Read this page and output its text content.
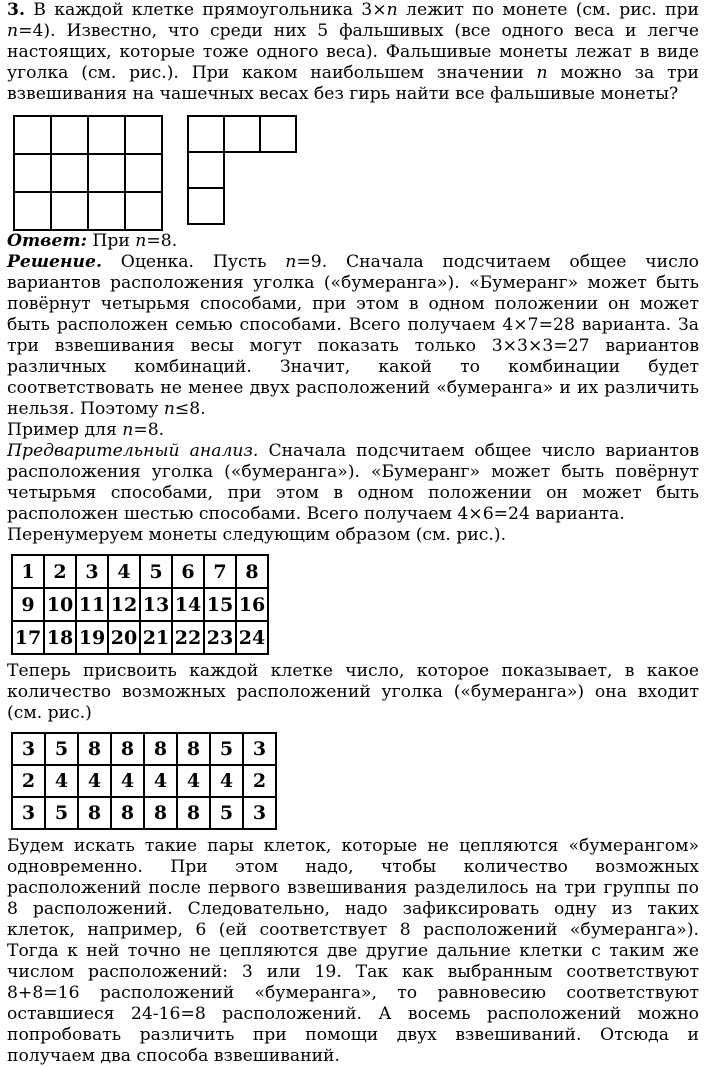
3. В каждой клетке прямоугольника 3×n лежит по монете (см. рис. при n=4). Известно, что среди них 5 фальшивых (все одного веса и легче настоящих, которые тоже одного веса). Фальшивые монеты лежат в виде уголка (см. рис.). При каком наибольшем значении n можно за три взвешивания на чашечных весах без гирь найти все фальшивые монеты?

Ответ: При n=8.

Решение. Оценка. Пусть n=9. Сначала подсчитаем общее число вариантов расположения уголка («бумеранга»). «Бумеранг» может быть повёрнут четырьмя способами, при этом в одном положении он может быть расположен семью способами. Всего получаем 4×7=28 варианта. За три взвешивания весы могут показать только 3×3×3=27 вариантов различных комбинаций. Значит, какой то комбинации будет соответствовать не менее двух расположений «бумеранга» и их различить нельзя. Поэтому n≤8.

Пример для n=8.

Предварительный анализ. Сначала подсчитаем общее число вариантов расположения уголка («бумеранга»). «Бумеранг» может быть повёрнут четырьмя способами, при этом в одном положении он может быть расположен шестью способами. Всего получаем 4×6=24 варианта.

Перенумеруем монеты следующим образом (см. рис.).

1	2	3	4	5	6	7	8
9	10	11	12	13	14	15	16
17	18	19	20	21	22	23	24

Теперь присвоить каждой клетке число, которое показывает, в какое количество возможных расположений уголка («бумеранга») она входит (см. рис.)

3	5	8	8	8	8	5	3
2	4	4	4	4	4	4	2
3	5	8	8	8	8	5	3

Будем искать такие пары клеток, которые не цепляются «бумерангом» одновременно. При этом надо, чтобы количество возможных расположений после первого взвешивания разделилось на три группы по 8 расположений. Следовательно, надо зафиксировать одну из таких клеток, например, 6 (ей соответствует 8 расположений «бумеранга»). Тогда к ней точно не цепляются две другие дальние клетки с таким же числом расположений: 3 или 19. Так как выбранным соответствуют 8+8=16 расположений «бумеранга», то равновесию соответствуют оставшиеся 24-16=8 расположений. А восемь расположений можно попробовать различить при помощи двух взвешиваний. Отсюда и получаем два способа взвешиваний.
